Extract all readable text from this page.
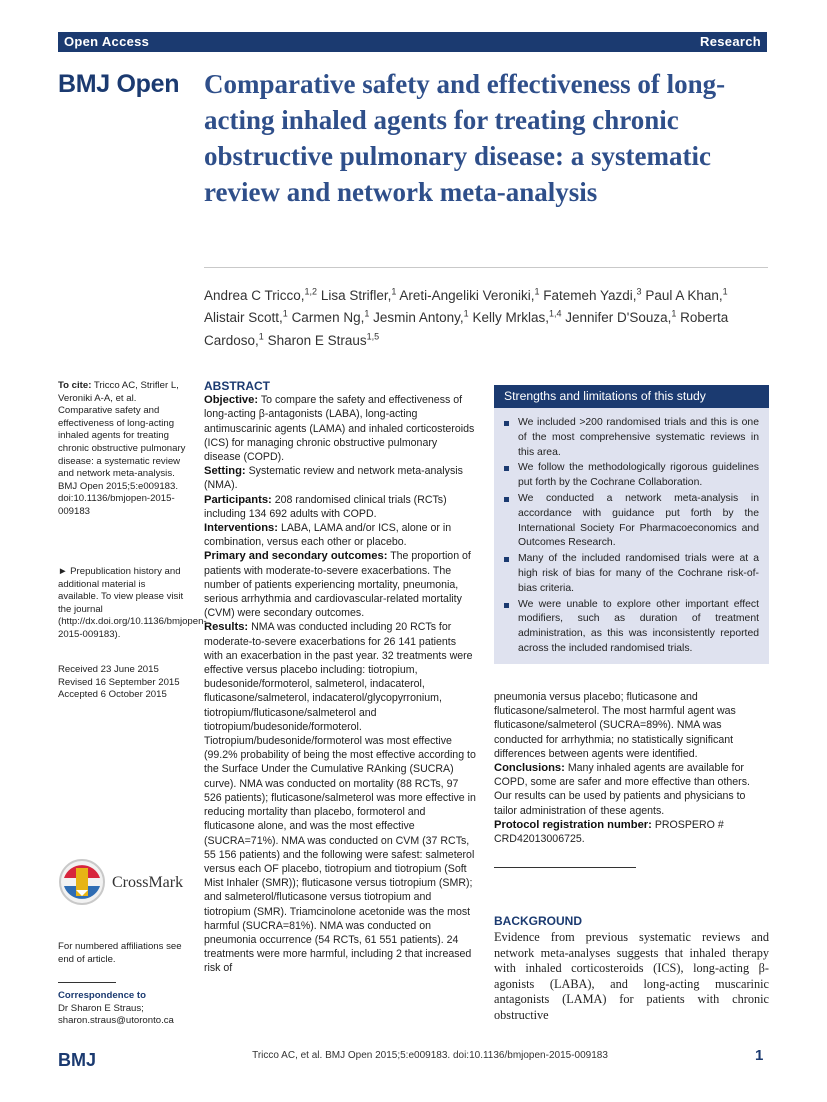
Open Access	Research
BMJ Open Comparative safety and effectiveness of long-acting inhaled agents for treating chronic obstructive pulmonary disease: a systematic review and network meta-analysis
Andrea C Tricco,$^{1,2}$ Lisa Strifler,$^1$ Areti-Angeliki Veroniki,$^1$ Fatemeh Yazdi,$^3$ Paul A Khan,$^1$ Alistair Scott,$^1$ Carmen Ng,$^1$ Jesmin Antony,$^1$ Kelly Mrklas,$^{1,4}$ Jennifer D'Souza,$^1$ Roberta Cardoso,$^1$ Sharon E Straus$^{1,5}$
To cite: Tricco AC, Strifler L, Veroniki A-A, et al. Comparative safety and effectiveness of long-acting inhaled agents for treating chronic obstructive pulmonary disease: a systematic review and network meta-analysis. BMJ Open 2015;5:e009183. doi:10.1136/bmjopen-2015-009183
► Prepublication history and additional material is available. To view please visit the journal (http://dx.doi.org/10.1136/bmjopen-2015-009183).
Received 23 June 2015
Revised 16 September 2015
Accepted 6 October 2015
CrossMark
For numbered affiliations see end of article.
Correspondence to
Dr Sharon E Straus;
sharon.straus@utoronto.ca
ABSTRACT

Objective: To compare the safety and effectiveness of long-acting β-antagonists (LABA), long-acting antimuscarinic agents (LAMA) and inhaled corticosteroids (ICS) for managing chronic obstructive pulmonary disease (COPD).

Setting: Systematic review and network meta-analysis (NMA).

Participants: 208 randomised clinical trials (RCTs) including 134 692 adults with COPD.

Interventions: LABA, LAMA and/or ICS, alone or in combination, versus each other or placebo.

Primary and secondary outcomes: The proportion of patients with moderate-to-severe exacerbations. The number of patients experiencing mortality, pneumonia, serious arrhythmia and cardiovascular-related mortality (CVM) were secondary outcomes.

Results: NMA was conducted including 20 RCTs for moderate-to-severe exacerbations for 26 141 patients with an exacerbation in the past year. 32 treatments were effective versus placebo including: tiotropium, budesonide/formoterol, salmeterol, indacaterol, fluticasone/salmeterol, indacaterol/glycopyrronium, tiotropium/fluticasone/salmeterol and tiotropium/budesonide/formoterol. Tiotropium/budesonide/formoterol was most effective (99.2% probability of being the most effective according to the Surface Under the Cumulative RAnking (SUCRA) curve). NMA was conducted on mortality (88 RCTs, 97 526 patients); fluticasone/salmeterol was more effective in reducing mortality than placebo, formoterol and fluticasone alone, and was the most effective (SUCRA=71%). NMA was conducted on CVM (37 RCTs, 55 156 patients) and the following were safest: salmeterol versus each OF placebo, tiotropium and tiotropium (Soft Mist Inhaler (SMR)); fluticasone versus tiotropium (SMR); and salmeterol/fluticasone versus tiotropium and tiotropium (SMR). Triamcinolone acetonide was the most harmful (SUCRA=81%). NMA was conducted on pneumonia occurrence (54 RCTs, 61 551 patients). 24 treatments were more harmful, including 2 that increased risk of

Strengths and limitations of this study
We included >200 randomised trials and this is one of the most comprehensive systematic reviews in this area.
We follow the methodologically rigorous guidelines put forth by the Cochrane Collaboration.
We conducted a network meta-analysis in accordance with guidance put forth by the International Society For Pharmacoeconomics and Outcomes Research.
Many of the included randomised trials were at a high risk of bias for many of the Cochrane risk-of-bias criteria.
We were unable to explore other important effect modifiers, such as duration of treatment administration, as this was inconsistently reported across the included randomised trials.

pneumonia versus placebo; fluticasone and fluticasone/salmeterol. The most harmful agent was fluticasone/salmeterol (SUCRA=89%). NMA was conducted for arrhythmia; no statistically significant differences between agents were identified.

Conclusions: Many inhaled agents are available for COPD, some are safer and more effective than others. Our results can be used by patients and physicians to tailor administration of these agents.

Protocol registration number: PROSPERO # CRD42013006725.

BACKGROUND
Evidence from previous systematic reviews and network meta-analyses suggests that inhaled therapy with inhaled corticosteroids (ICS), long-acting β-agonists (LABA), and long-acting muscarinic antagonists (LAMA) for patients with chronic obstructive
BMJ	Tricco AC, et al. BMJ Open 2015;5:e009183. doi:10.1136/bmjopen-2015-009183	1
